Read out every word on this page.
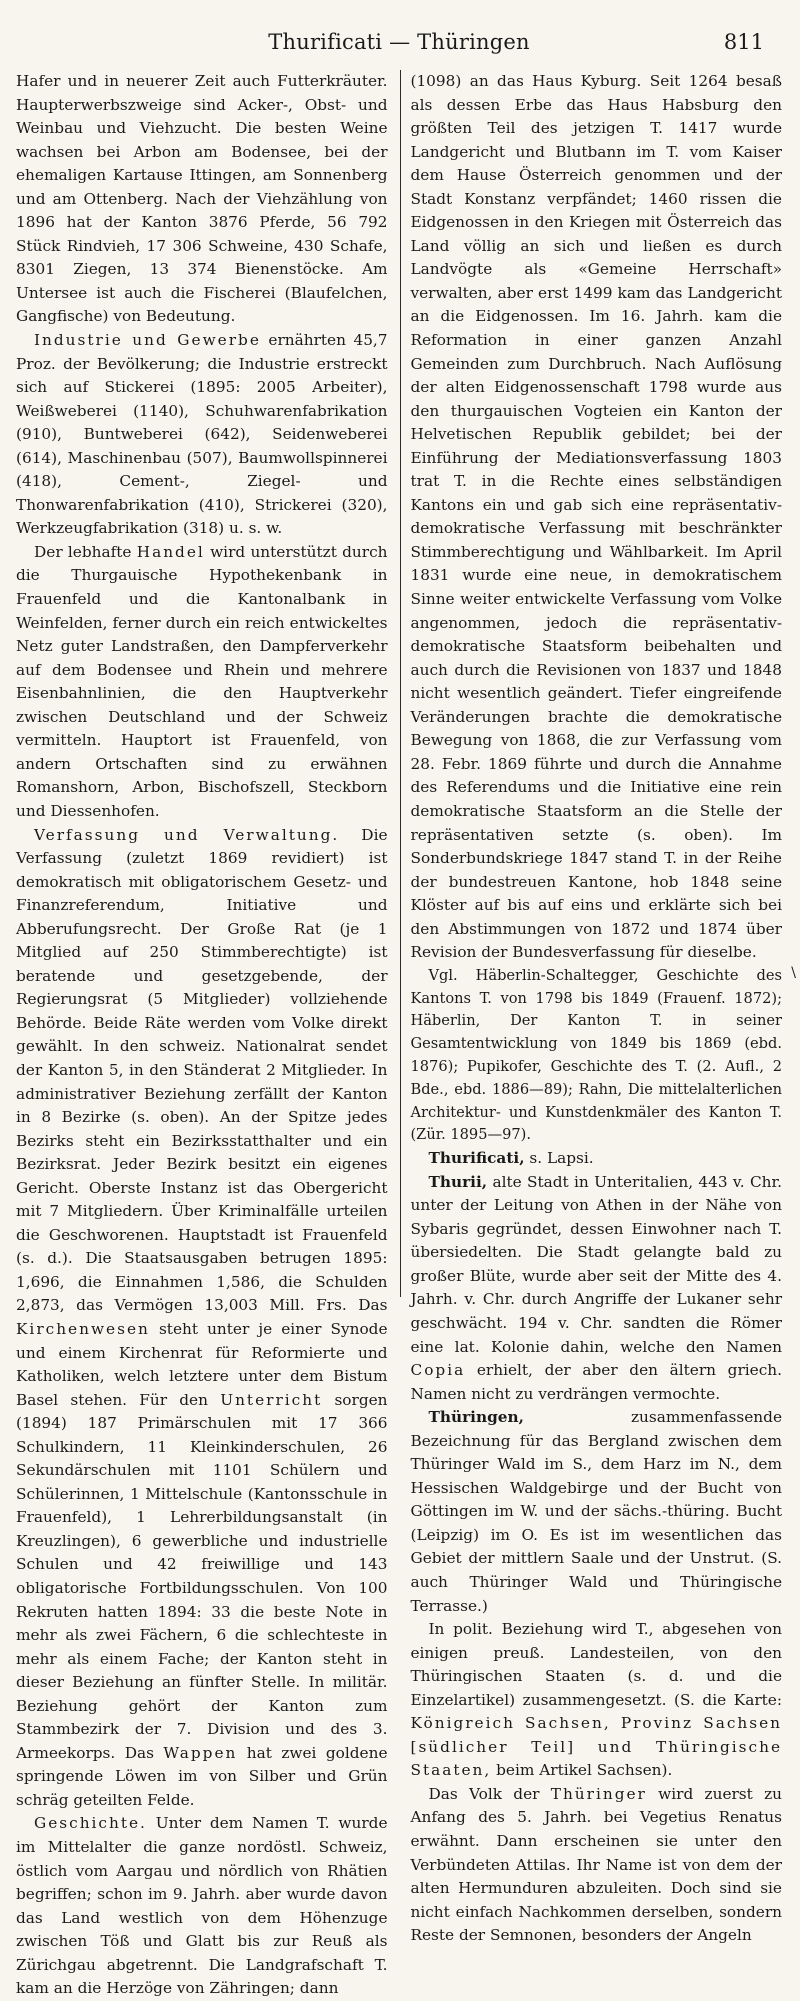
Thurificati — Thüringen	811

Hafer und in neuerer Zeit auch Futterkräuter. Haupterwerbszweige sind Acker-, Obst- und Weinbau und Viehzucht. Die besten Weine wachsen bei Arbon am Bodensee, bei der ehemaligen Kartause Ittingen, am Sonnenberg und am Ottenberg. Nach der Viehzählung von 1896 hat der Kanton 3876 Pferde, 56 792 Stück Rindvieh, 17 306 Schweine, 430 Schafe, 8301 Ziegen, 13 374 Bienenstöcke. Am Untersee ist auch die Fischerei (Blaufelchen, Gangfische) von Bedeutung.

Industrie und Gewerbe ernährten 45,7 Proz. der Bevölkerung; die Industrie erstreckt sich auf Stickerei (1895: 2005 Arbeiter), Weißweberei (1140), Schuhwarenfabrikation (910), Buntweberei (642), Seidenweberei (614), Maschinenbau (507), Baumwollspinnerei (418), Cement-, Ziegel- und Thonwarenfabrikation (410), Strickerei (320), Werkzeugfabrikation (318) u. s. w.

Der lebhafte Handel wird unterstützt durch die Thurgauische Hypothekenbank in Frauenfeld und die Kantonalbank in Weinfelden, ferner durch ein reich entwickeltes Netz guter Landstraßen, den Dampferverkehr auf dem Bodensee und Rhein und mehrere Eisenbahnlinien, die den Hauptverkehr zwischen Deutschland und der Schweiz vermitteln. Hauptort ist Frauenfeld, von andern Ortschaften sind zu erwähnen Romanshorn, Arbon, Bischofszell, Steckborn und Diessenhofen.

Verfassung und Verwaltung. Die Verfassung (zuletzt 1869 revidiert) ist demokratisch mit obligatorischem Gesetz- und Finanzreferendum, Initiative und Abberufungsrecht. Der Große Rat (je 1 Mitglied auf 250 Stimmberechtigte) ist beratende und gesetzgebende, der Regierungsrat (5 Mitglieder) vollziehende Behörde. Beide Räte werden vom Volke direkt gewählt. In den schweiz. Nationalrat sendet der Kanton 5, in den Ständerat 2 Mitglieder. In administrativer Beziehung zerfällt der Kanton in 8 Bezirke (s. oben). An der Spitze jedes Bezirks steht ein Bezirksstatthalter und ein Bezirksrat. Jeder Bezirk besitzt ein eigenes Gericht. Oberste Instanz ist das Obergericht mit 7 Mitgliedern. Über Kriminalfälle urteilen die Geschworenen. Hauptstadt ist Frauenfeld (s. d.). Die Staatsausgaben betrugen 1895: 1,696, die Einnahmen 1,586, die Schulden 2,873, das Vermögen 13,003 Mill. Frs. Das Kirchenwesen steht unter je einer Synode und einem Kirchenrat für Reformierte und Katholiken, welch letztere unter dem Bistum Basel stehen. Für den Unterricht sorgen (1894) 187 Primärschulen mit 17 366 Schulkindern, 11 Kleinkinderschulen, 26 Sekundärschulen mit 1101 Schülern und Schülerinnen, 1 Mittelschule (Kantonsschule in Frauenfeld), 1 Lehrerbildungsanstalt (in Kreuzlingen), 6 gewerbliche und industrielle Schulen und 42 freiwillige und 143 obligatorische Fortbildungsschulen. Von 100 Rekruten hatten 1894: 33 die beste Note in mehr als zwei Fächern, 6 die schlechteste in mehr als einem Fache; der Kanton steht in dieser Beziehung an fünfter Stelle. In militär. Beziehung gehört der Kanton zum Stammbezirk der 7. Division und des 3. Armeekorps. Das Wappen hat zwei goldene springende Löwen im von Silber und Grün schräg geteilten Felde.

Geschichte. Unter dem Namen T. wurde im Mittelalter die ganze nordöstl. Schweiz, östlich vom Aargau und nördlich von Rhätien begriffen; schon im 9. Jahrh. aber wurde davon das Land westlich von dem Höhenzuge zwischen Töß und Glatt bis zur Reuß als Zürichgau abgetrennt. Die Landgrafschaft T. kam an die Herzöge von Zähringen; dann

(1098) an das Haus Kyburg. Seit 1264 besaß als dessen Erbe das Haus Habsburg den größten Teil des jetzigen T. 1417 wurde Landgericht und Blutbann im T. vom Kaiser dem Hause Österreich genommen und der Stadt Konstanz verpfändet; 1460 rissen die Eidgenossen in den Kriegen mit Österreich das Land völlig an sich und ließen es durch Landvögte als «Gemeine Herrschaft» verwalten, aber erst 1499 kam das Landgericht an die Eidgenossen. Im 16. Jahrh. kam die Reformation in einer ganzen Anzahl Gemeinden zum Durchbruch. Nach Auflösung der alten Eidgenossenschaft 1798 wurde aus den thurgauischen Vogteien ein Kanton der Helvetischen Republik gebildet; bei der Einführung der Mediationsverfassung 1803 trat T. in die Rechte eines selbständigen Kantons ein und gab sich eine repräsentativ-demokratische Verfassung mit beschränkter Stimmberechtigung und Wählbarkeit. Im April 1831 wurde eine neue, in demokratischem Sinne weiter entwickelte Verfassung vom Volke angenommen, jedoch die repräsentativ-demokratische Staatsform beibehalten und auch durch die Revisionen von 1837 und 1848 nicht wesentlich geändert. Tiefer eingreifende Veränderungen brachte die demokratische Bewegung von 1868, die zur Verfassung vom 28. Febr. 1869 führte und durch die Annahme des Referendums und die Initiative eine rein demokratische Staatsform an die Stelle der repräsentativen setzte (s. oben). Im Sonderbundskriege 1847 stand T. in der Reihe der bundestreuen Kantone, hob 1848 seine Klöster auf bis auf eins und erklärte sich bei den Abstimmungen von 1872 und 1874 über Revision der Bundesverfassung für dieselbe.

Vgl. Häberlin-Schaltegger, Geschichte des Kantons T. von 1798 bis 1849 (Frauenf. 1872); Häberlin, Der Kanton T. in seiner Gesamtentwicklung von 1849 bis 1869 (ebd. 1876); Pupikofer, Geschichte des T. (2. Aufl., 2 Bde., ebd. 1886—89); Rahn, Die mittelalterlichen Architektur- und Kunstdenkmäler des Kanton T. (Zür. 1895—97).

Thurificati, s. Lapsi.

Thurii, alte Stadt in Unteritalien, 443 v. Chr. unter der Leitung von Athen in der Nähe von Sybaris gegründet, dessen Einwohner nach T. übersiedelten. Die Stadt gelangte bald zu großer Blüte, wurde aber seit der Mitte des 4. Jahrh. v. Chr. durch Angriffe der Lukaner sehr geschwächt. 194 v. Chr. sandten die Römer eine lat. Kolonie dahin, welche den Namen Copia erhielt, der aber den ältern griech. Namen nicht zu verdrängen vermochte.

Thüringen, zusammenfassende Bezeichnung für das Bergland zwischen dem Thüringer Wald im S., dem Harz im N., dem Hessischen Waldgebirge und der Bucht von Göttingen im W. und der sächs.-thüring. Bucht (Leipzig) im O. Es ist im wesentlichen das Gebiet der mittlern Saale und der Unstrut. (S. auch Thüringer Wald und Thüringische Terrasse.)

In polit. Beziehung wird T., abgesehen von einigen preuß. Landesteilen, von den Thüringischen Staaten (s. d. und die Einzelartikel) zusammengesetzt. (S. die Karte: Königreich Sachsen, Provinz Sachsen [südlicher Teil] und Thüringische Staaten, beim Artikel Sachsen).

Das Volk der Thüringer wird zuerst zu Anfang des 5. Jahrh. bei Vegetius Renatus erwähnt. Dann erscheinen sie unter den Verbündeten Attilas. Ihr Name ist von dem der alten Hermunduren abzuleiten. Doch sind sie nicht einfach Nachkommen derselben, sondern Reste der Semnonen, besonders der Angeln

\
